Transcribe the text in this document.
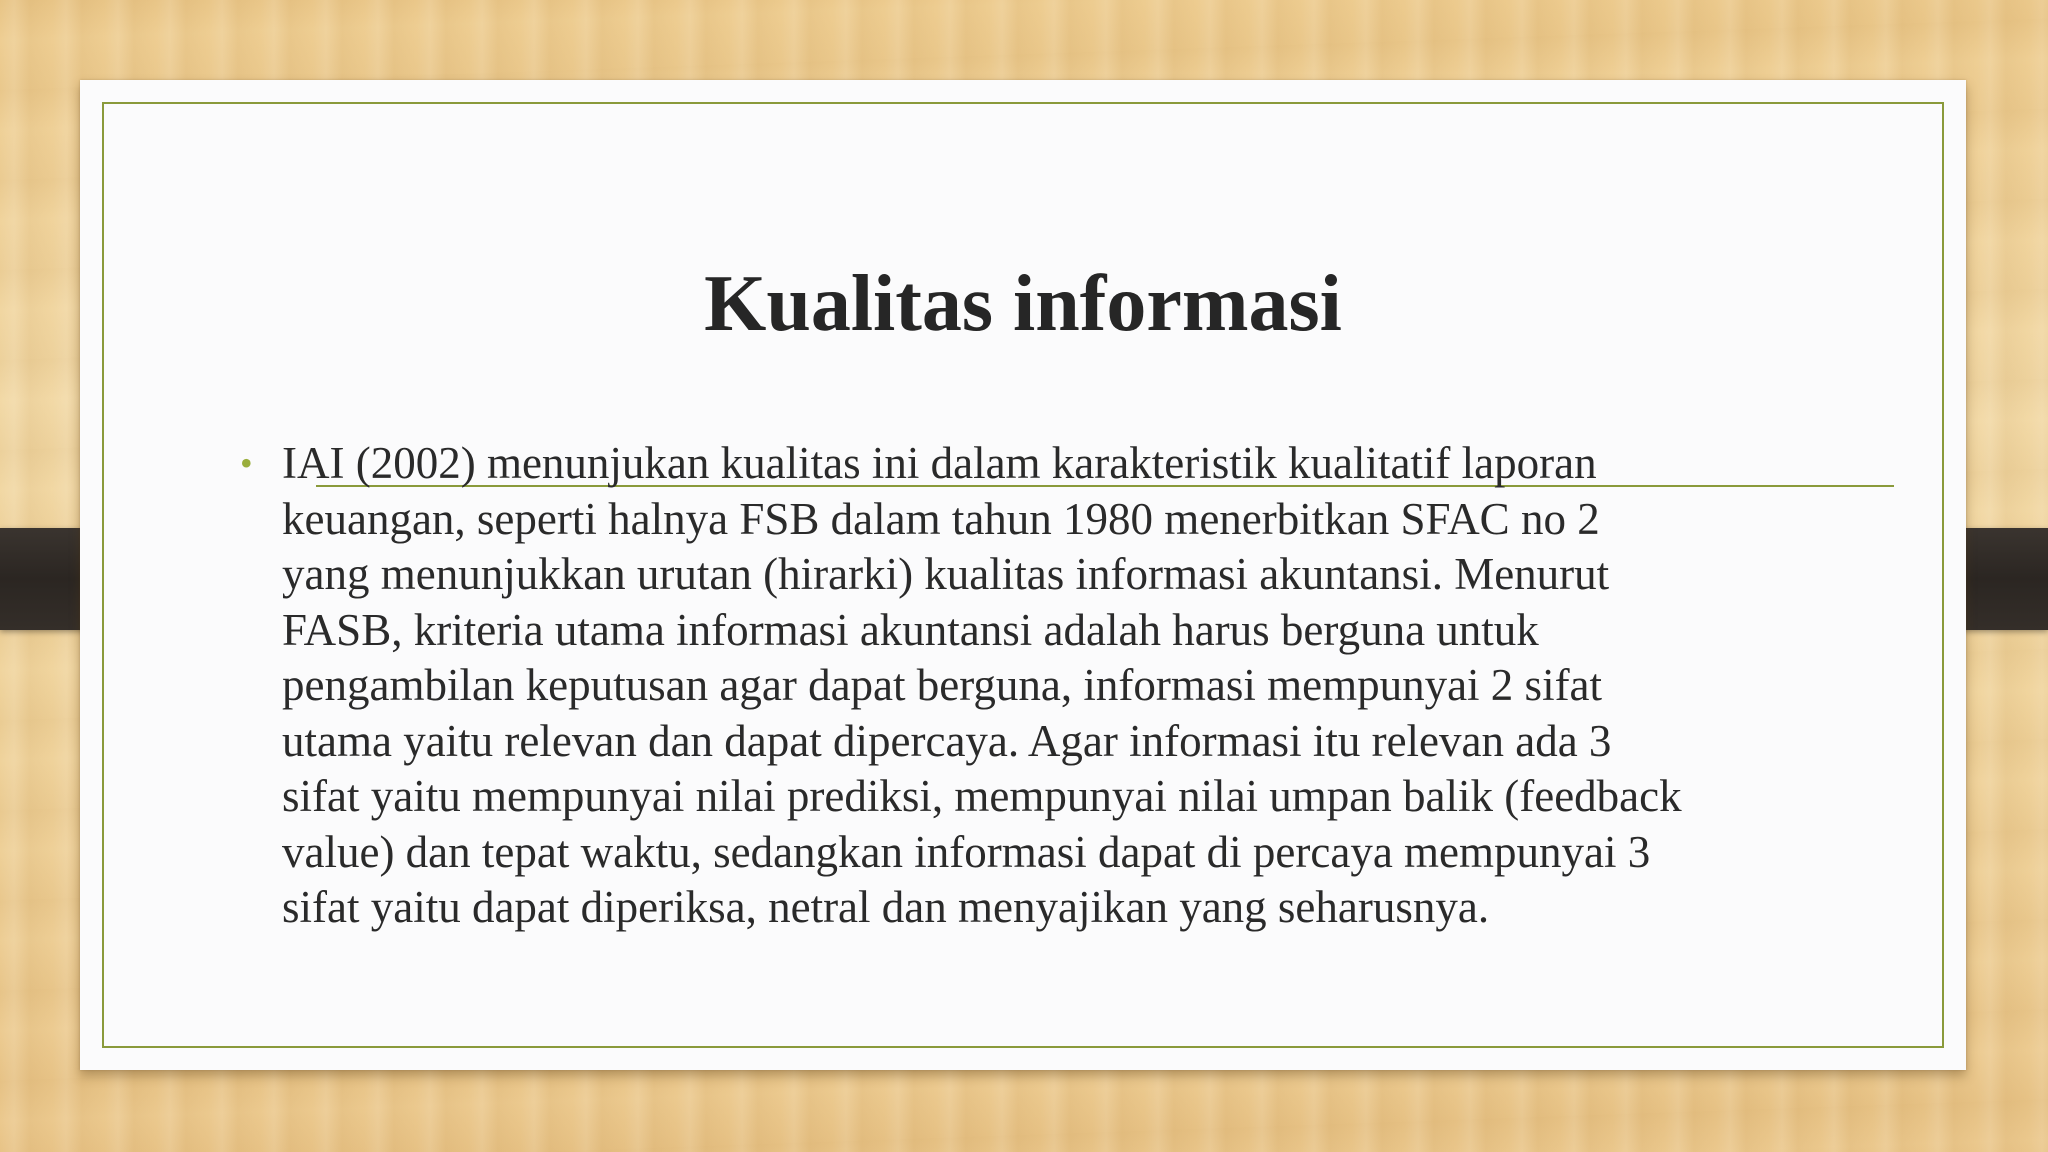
Kualitas informasi
• IAI (2002) menunjukan kualitas ini dalam karakteristik kualitatif laporan
keuangan, seperti halnya FSB dalam tahun 1980 menerbitkan SFAC no 2
yang menunjukkan urutan (hirarki) kualitas informasi akuntansi. Menurut
FASB, kriteria utama informasi akuntansi adalah harus berguna untuk
pengambilan keputusan agar dapat berguna, informasi mempunyai 2 sifat
utama yaitu relevan dan dapat dipercaya. Agar informasi itu relevan ada 3
sifat yaitu mempunyai nilai prediksi, mempunyai nilai umpan balik (feedback
value) dan tepat waktu, sedangkan informasi dapat di percaya mempunyai 3
sifat yaitu dapat diperiksa, netral dan menyajikan yang seharusnya.
